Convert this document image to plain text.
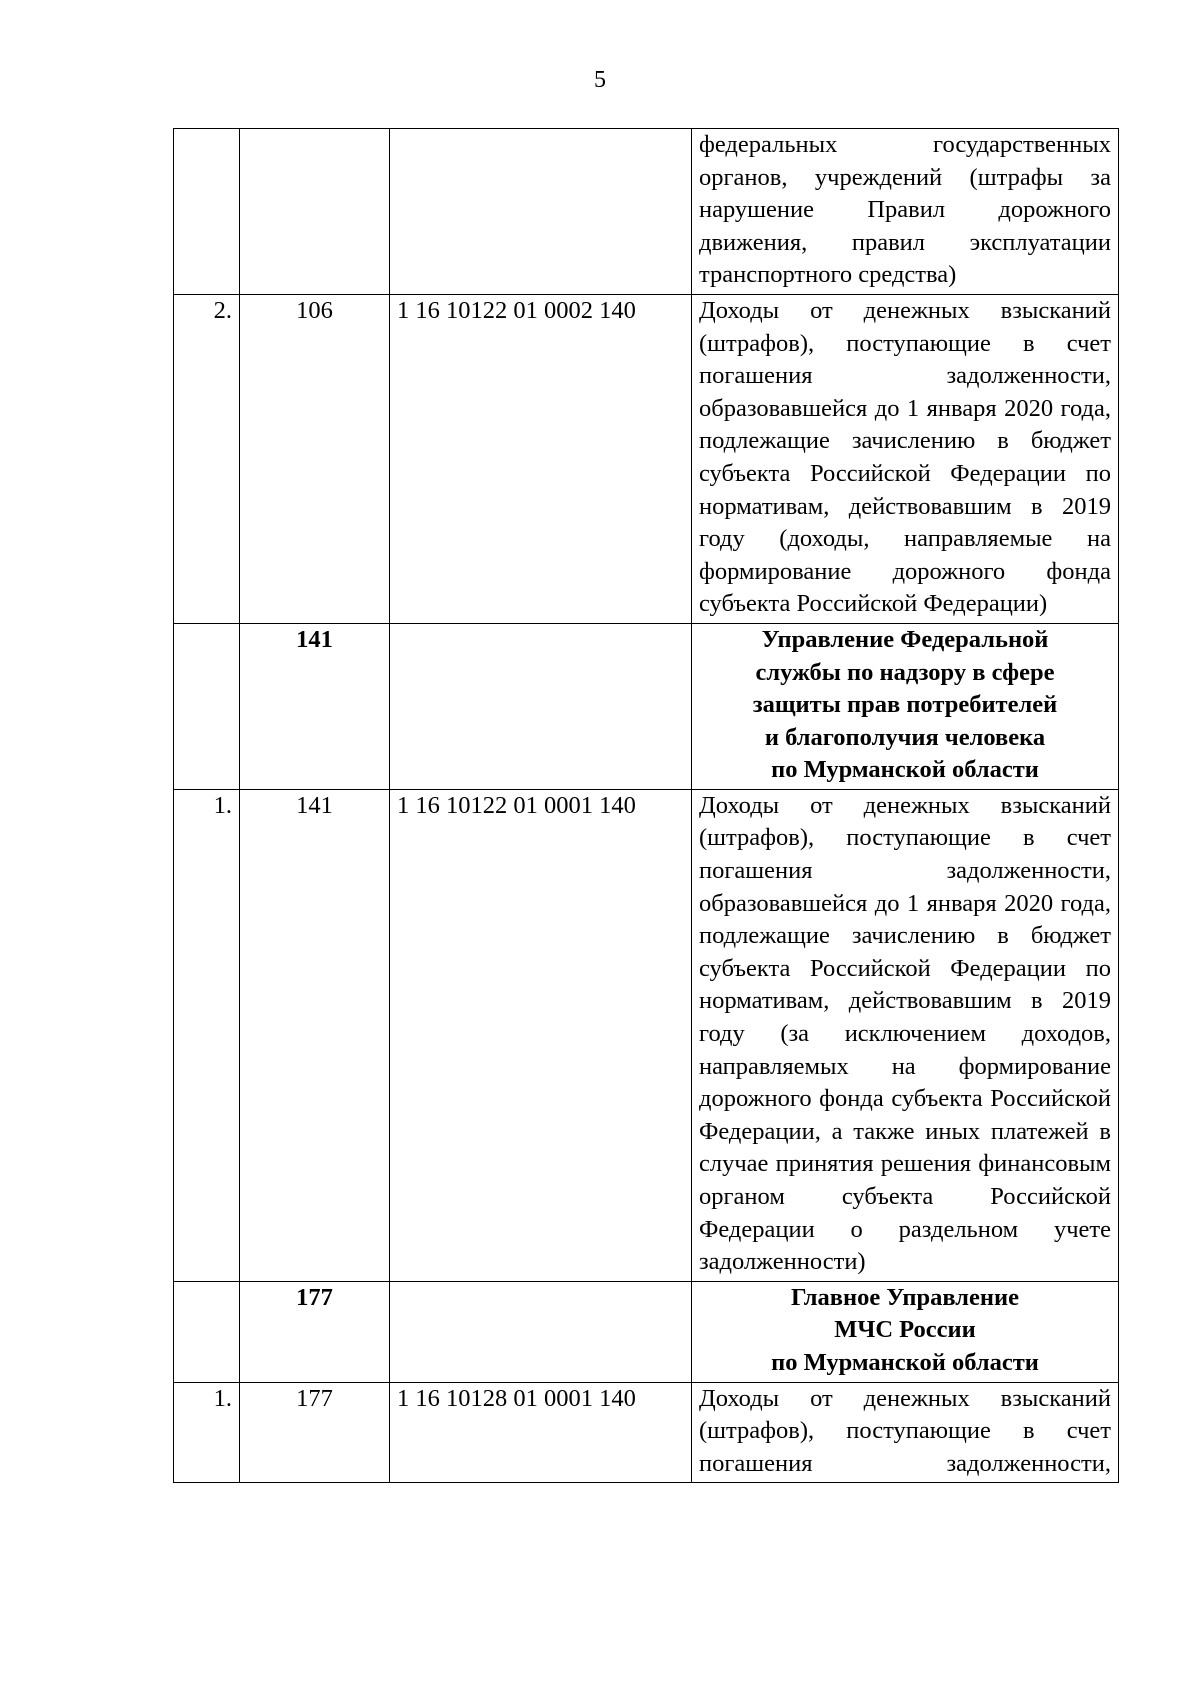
5
			федеральных государственных органов, учреждений (штрафы за нарушение Правил дорожного движения, правил эксплуатации транспортного средства)
2.	106	1 16 10122 01 0002 140	Доходы от денежных взысканий (штрафов), поступающие в счет погашения задолженности, образовавшейся до 1 января 2020 года, подлежащие зачислению в бюджет субъекта Российской Федерации по нормативам, действовавшим в 2019 году (доходы, направляемые на формирование дорожного фонда субъекта Российской Федерации)
	141		Управление Федеральной
службы по надзору в сфере
защиты прав потребителей
и благополучия человека
по Мурманской области

1.	141	1 16 10122 01 0001 140	Доходы от денежных взысканий (штрафов), поступающие в счет погашения задолженности, образовавшейся до 1 января 2020 года, подлежащие зачислению в бюджет субъекта Российской Федерации по нормативам, действовавшим в 2019 году (за исключением доходов, направляемых на формирование дорожного фонда субъекта Российской Федерации, а также иных платежей в случае принятия решения финансовым органом субъекта Российской Федерации о раздельном учете задолженности)
	177		Главное Управление
МЧС России
по Мурманской области

1.	177	1 16 10128 01 0001 140	Доходы от денежных взысканий (штрафов), поступающие в счет погашения задолженности,
